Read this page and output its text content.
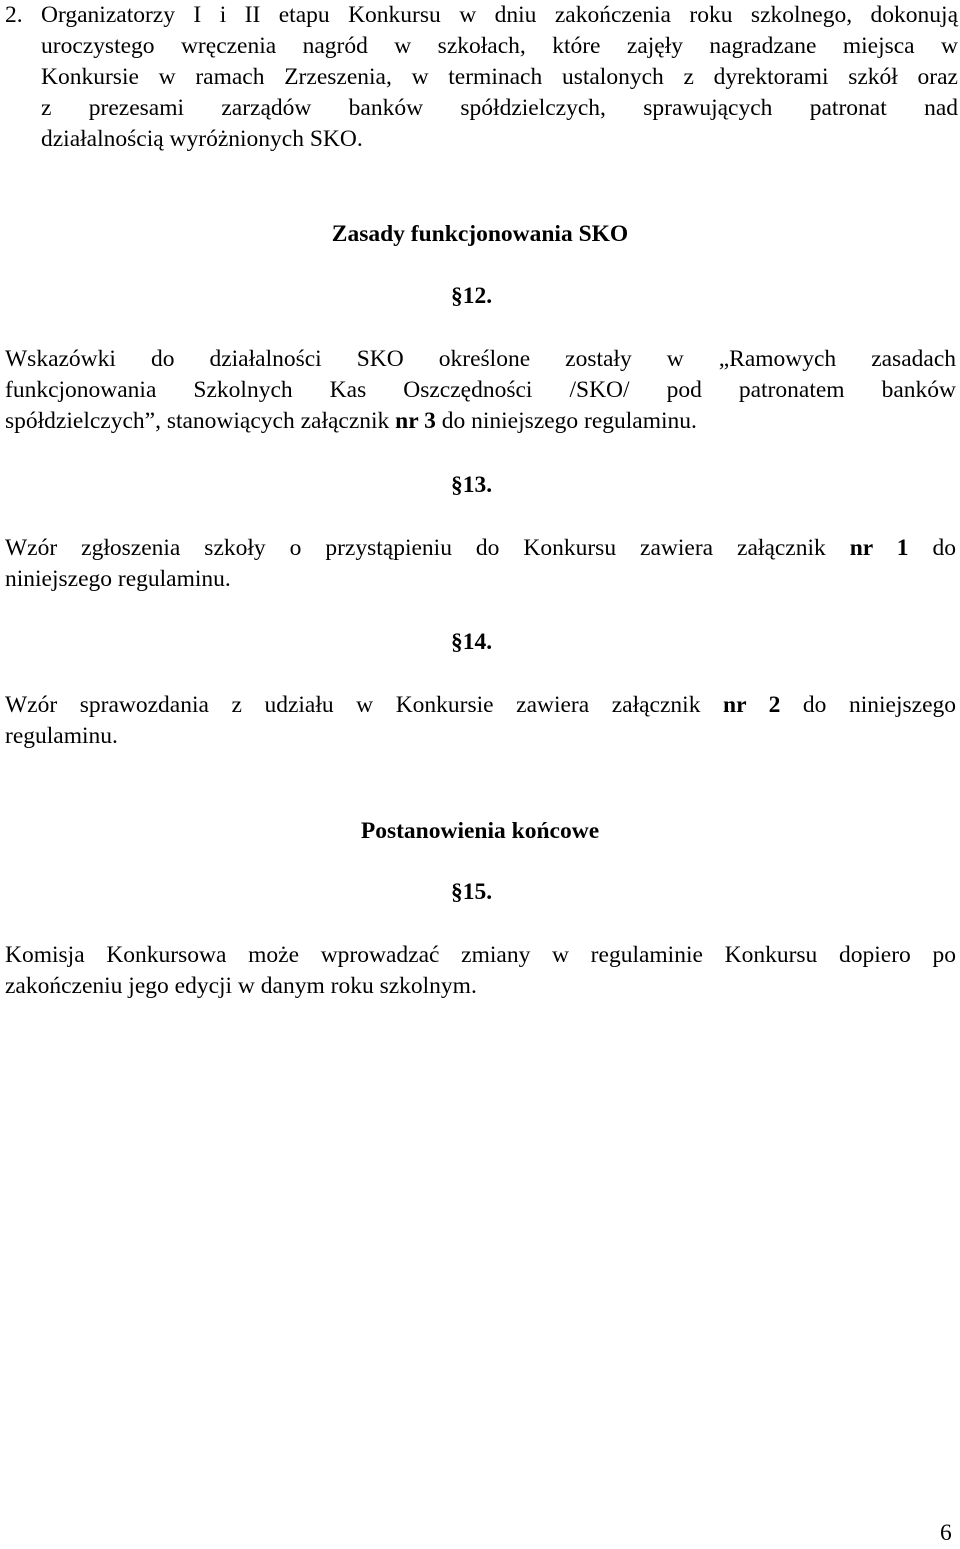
2. Organizatorzy I i II etapu Konkursu w dniu zakończenia roku szkolnego, dokonują
uroczystego wręczenia nagród w szkołach, które zajęły nagradzane miejsca w
Konkursie w ramach Zrzeszenia, w terminach ustalonych z dyrektorami szkół oraz
z prezesami zarządów banków spółdzielczych, sprawujących patronat nad
działalnością wyróżnionych SKO.
Zasady funkcjonowania SKO
§12.
Wskazówki do działalności SKO określone zostały w „Ramowych zasadach
funkcjonowania Szkolnych Kas Oszczędności /SKO/ pod patronatem banków
spółdzielczych”, stanowiących załącznik nr 3 do niniejszego regulaminu.
§13.
Wzór zgłoszenia szkoły o przystąpieniu do Konkursu zawiera załącznik nr 1 do
niniejszego regulaminu.
§14.
Wzór sprawozdania z udziału w Konkursie zawiera załącznik nr 2 do niniejszego
regulaminu.
Postanowienia końcowe
§15.
Komisja Konkursowa może wprowadzać zmiany w regulaminie Konkursu dopiero po
zakończeniu jego edycji w danym roku szkolnym.
6
